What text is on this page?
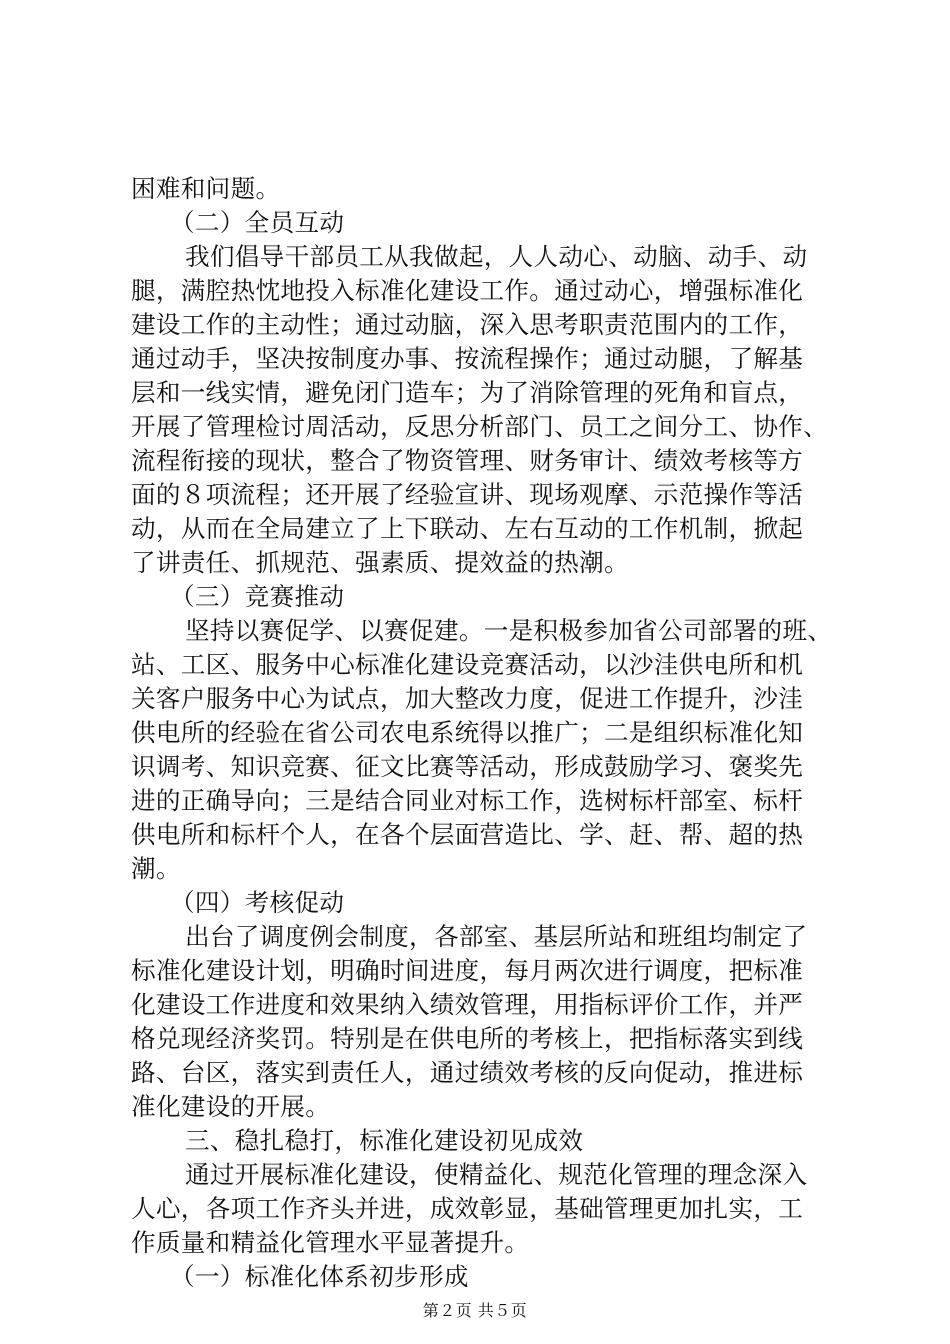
困难和问题。
（二）全员互动
我们倡导干部员工从我做起，人人动心、动脑、动手、动
腿，满腔热忱地投入标准化建设工作。通过动心，增强标准化
建设工作的主动性；通过动脑，深入思考职责范围内的工作，
通过动手，坚决按制度办事、按流程操作；通过动腿，了解基
层和一线实情，避免闭门造车；为了消除管理的死角和盲点，
开展了管理检讨周活动，反思分析部门、员工之间分工、协作、
流程衔接的现状，整合了物资管理、财务审计、绩效考核等方
面的８项流程；还开展了经验宣讲、现场观摩、示范操作等活
动，从而在全局建立了上下联动、左右互动的工作机制，掀起
了讲责任、抓规范、强素质、提效益的热潮。
（三）竞赛推动
坚持以赛促学、以赛促建。一是积极参加省公司部署的班、
站、工区、服务中心标准化建设竞赛活动，以沙洼供电所和机
关客户服务中心为试点，加大整改力度，促进工作提升，沙洼
供电所的经验在省公司农电系统得以推广；二是组织标准化知
识调考、知识竞赛、征文比赛等活动，形成鼓励学习、褒奖先
进的正确导向；三是结合同业对标工作，选树标杆部室、标杆
供电所和标杆个人，在各个层面营造比、学、赶、帮、超的热
潮。
（四）考核促动
出台了调度例会制度，各部室、基层所站和班组均制定了
标准化建设计划，明确时间进度，每月两次进行调度，把标准
化建设工作进度和效果纳入绩效管理，用指标评价工作，并严
格兑现经济奖罚。特别是在供电所的考核上，把指标落实到线
路、台区，落实到责任人，通过绩效考核的反向促动，推进标
准化建设的开展。
三、稳扎稳打，标准化建设初见成效
通过开展标准化建设，使精益化、规范化管理的理念深入
人心，各项工作齐头并进，成效彰显，基础管理更加扎实，工
作质量和精益化管理水平显著提升。
（一）标准化体系初步形成
第２页 共５页
